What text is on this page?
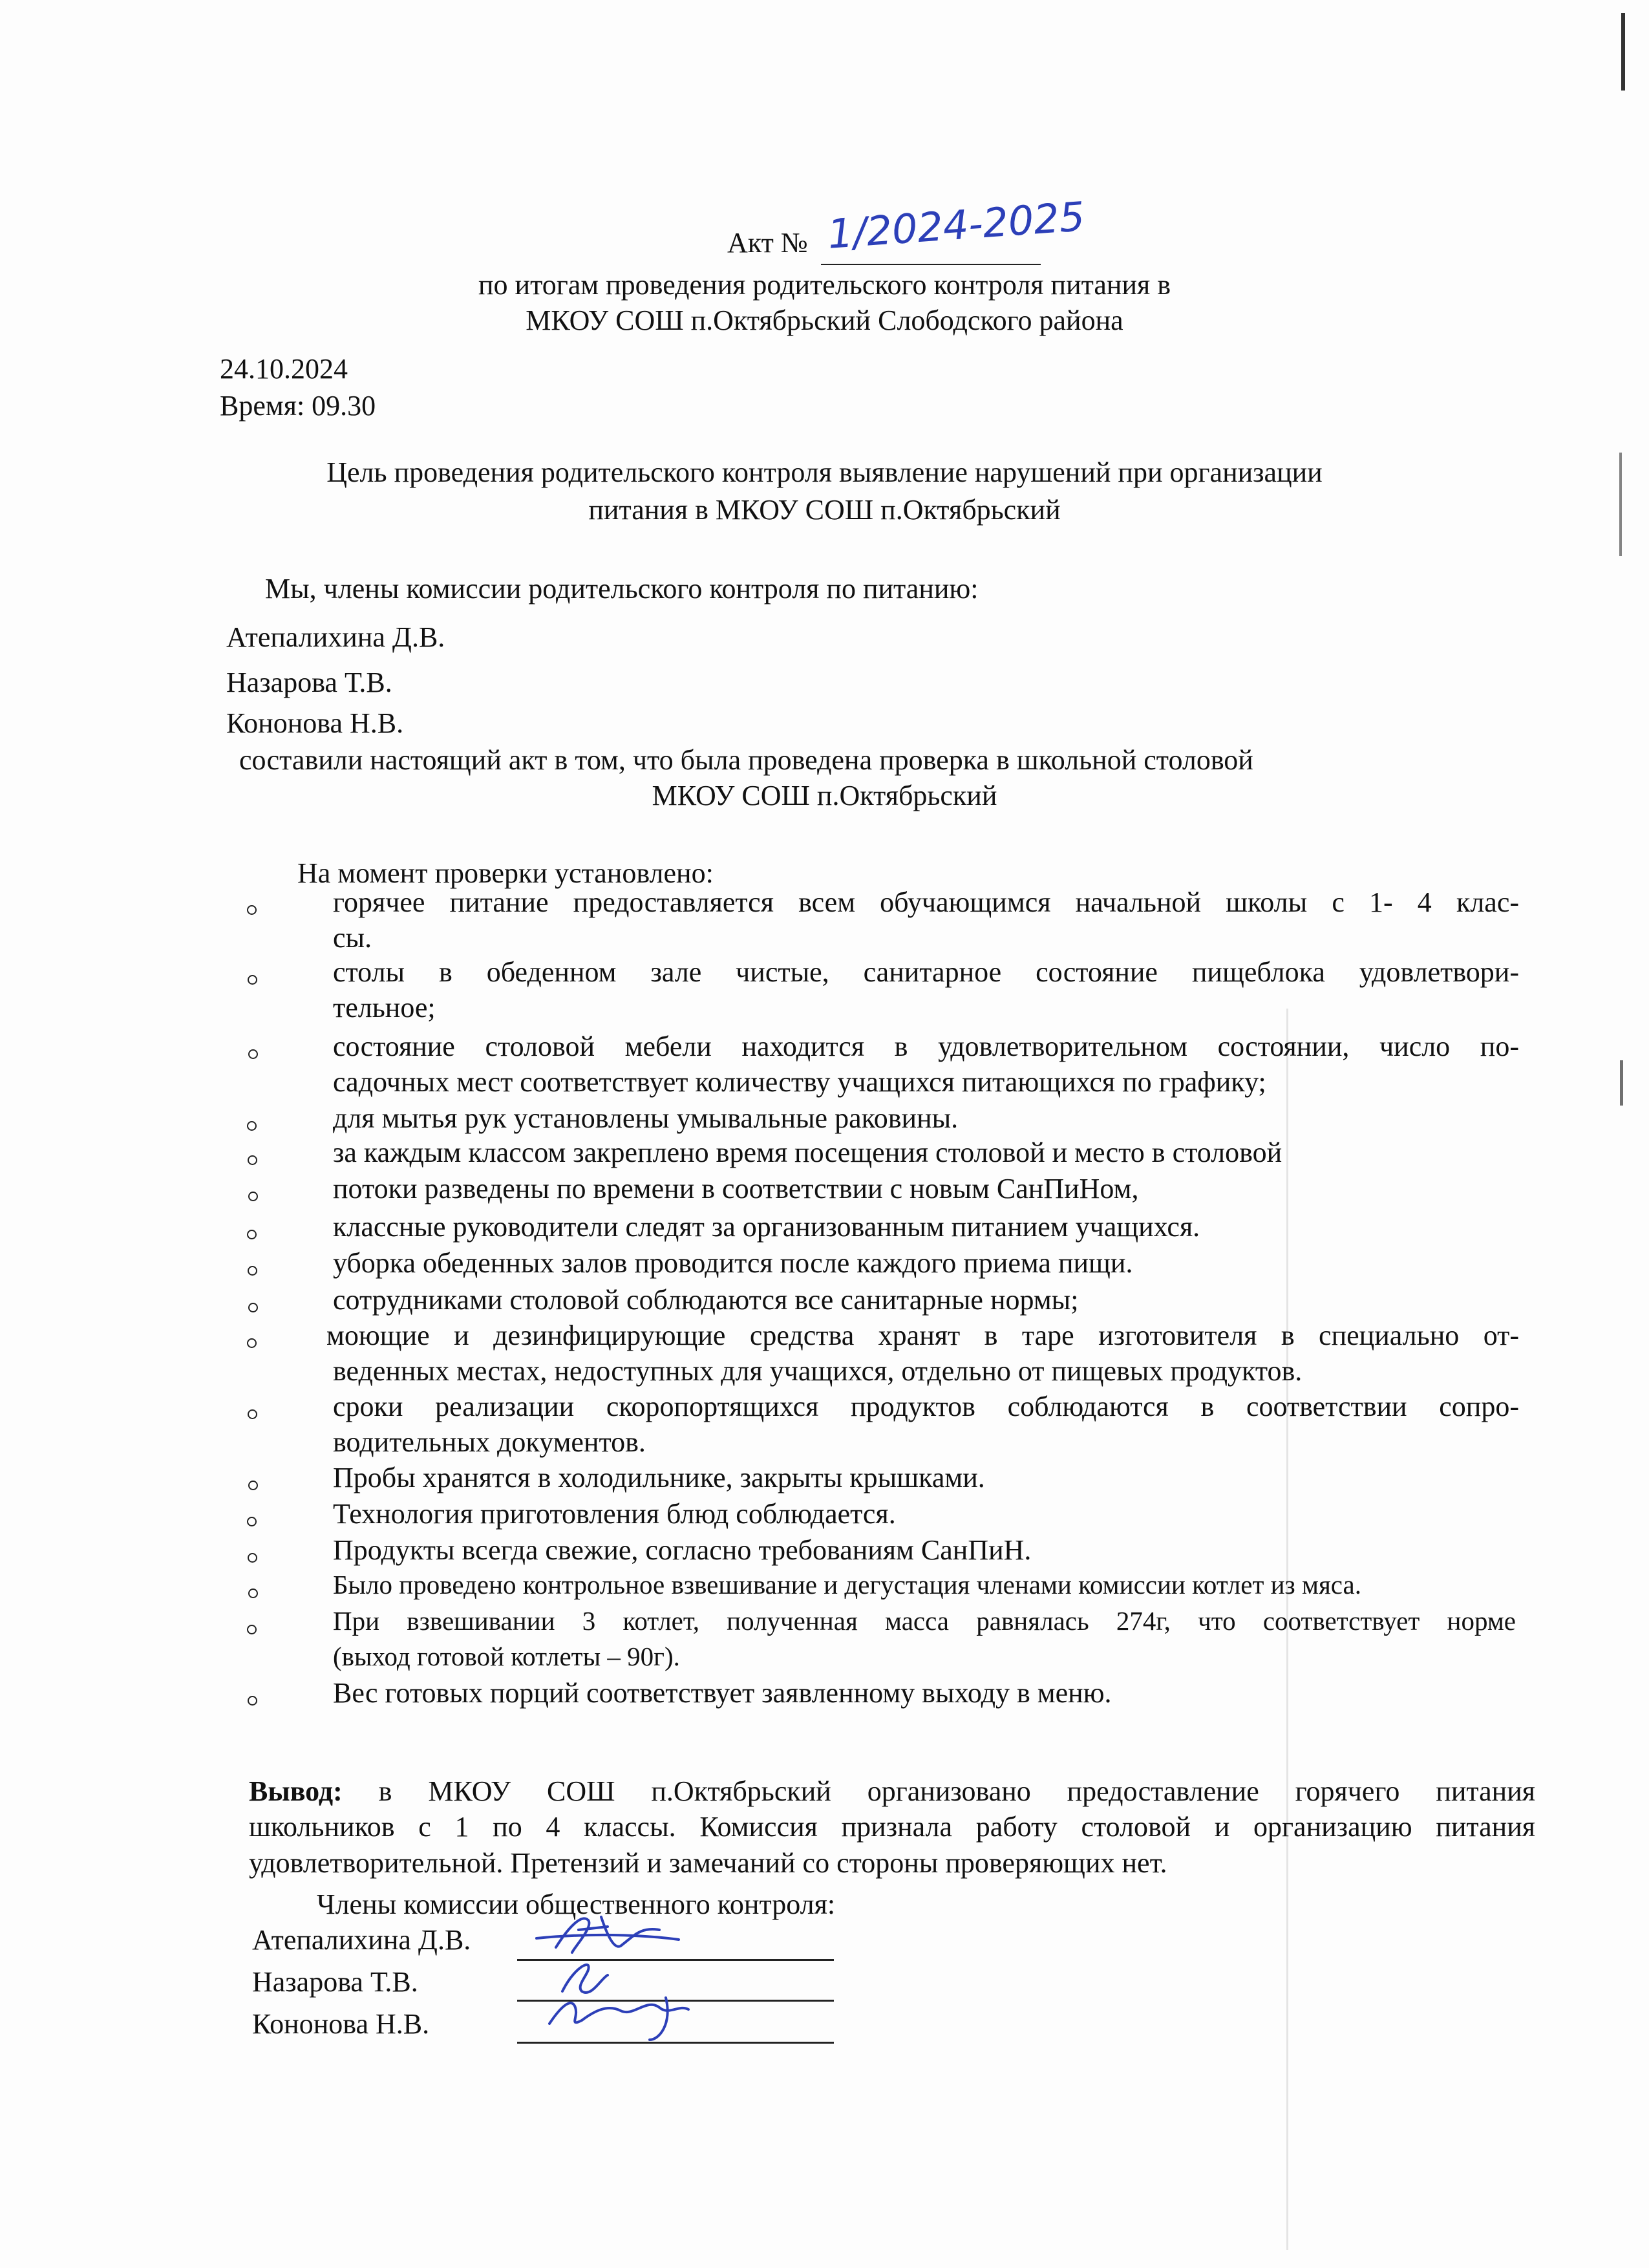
Акт № 1/2024-2025
по итогам проведения родительского контроля питания в
МКОУ СОШ п.Октябрьский Слободского района
24.10.2024
Время: 09.30
Цель проведения родительского контроля выявление нарушений при организации
питания в МКОУ СОШ п.Октябрьский
Мы, члены комиссии родительского контроля по питанию:
Атепалихина Д.В.
Назарова Т.В.
Кононова Н.В.
составили настоящий акт в том, что была проведена проверка в школьной столовой
МКОУ СОШ п.Октябрьский
На момент проверки установлено:
горячее питание предоставляется всем обучающимся начальной школы с 1- 4 клас-
сы.
столы в обеденном зале чистые, санитарное состояние пищеблока удовлетвори-
тельное;
состояние столовой мебели находится в удовлетворительном состоянии, число по-
садочных мест соответствует количеству учащихся питающихся по графику;
для мытья рук установлены умывальные раковины.
за каждым классом закреплено время посещения столовой и место в столовой
потоки разведены по времени в соответствии с новым СанПиНом,
классные руководители следят за организованным питанием учащихся.
уборка обеденных залов проводится после каждого приема пищи.
сотрудниками столовой соблюдаются все санитарные нормы;
моющие и дезинфицирующие средства хранят в таре изготовителя в специально от-
веденных местах, недоступных для учащихся, отдельно от пищевых продуктов.
сроки реализации скоропортящихся продуктов соблюдаются в соответствии сопро-
водительных документов.
Пробы хранятся в холодильнике, закрыты крышками.
Технология приготовления блюд соблюдается.
Продукты всегда свежие, согласно требованиям СанПиН.
Было проведено контрольное взвешивание и дегустация членами комиссии котлет из мяса.
При взвешивании 3 котлет, полученная масса равнялась 274г, что соответствует норме
(выход готовой котлеты – 90г).
Вес готовых порций соответствует заявленному выходу в меню.
Вывод: в МКОУ СОШ п.Октябрьский организовано предоставление горячего питания
школьников с 1 по 4 классы. Комиссия признала работу столовой и организацию питания
удовлетворительной. Претензий и замечаний со стороны проверяющих нет.
Члены комиссии общественного контроля:
Атепалихина Д.В.
Назарова Т.В.
Кононова Н.В.
